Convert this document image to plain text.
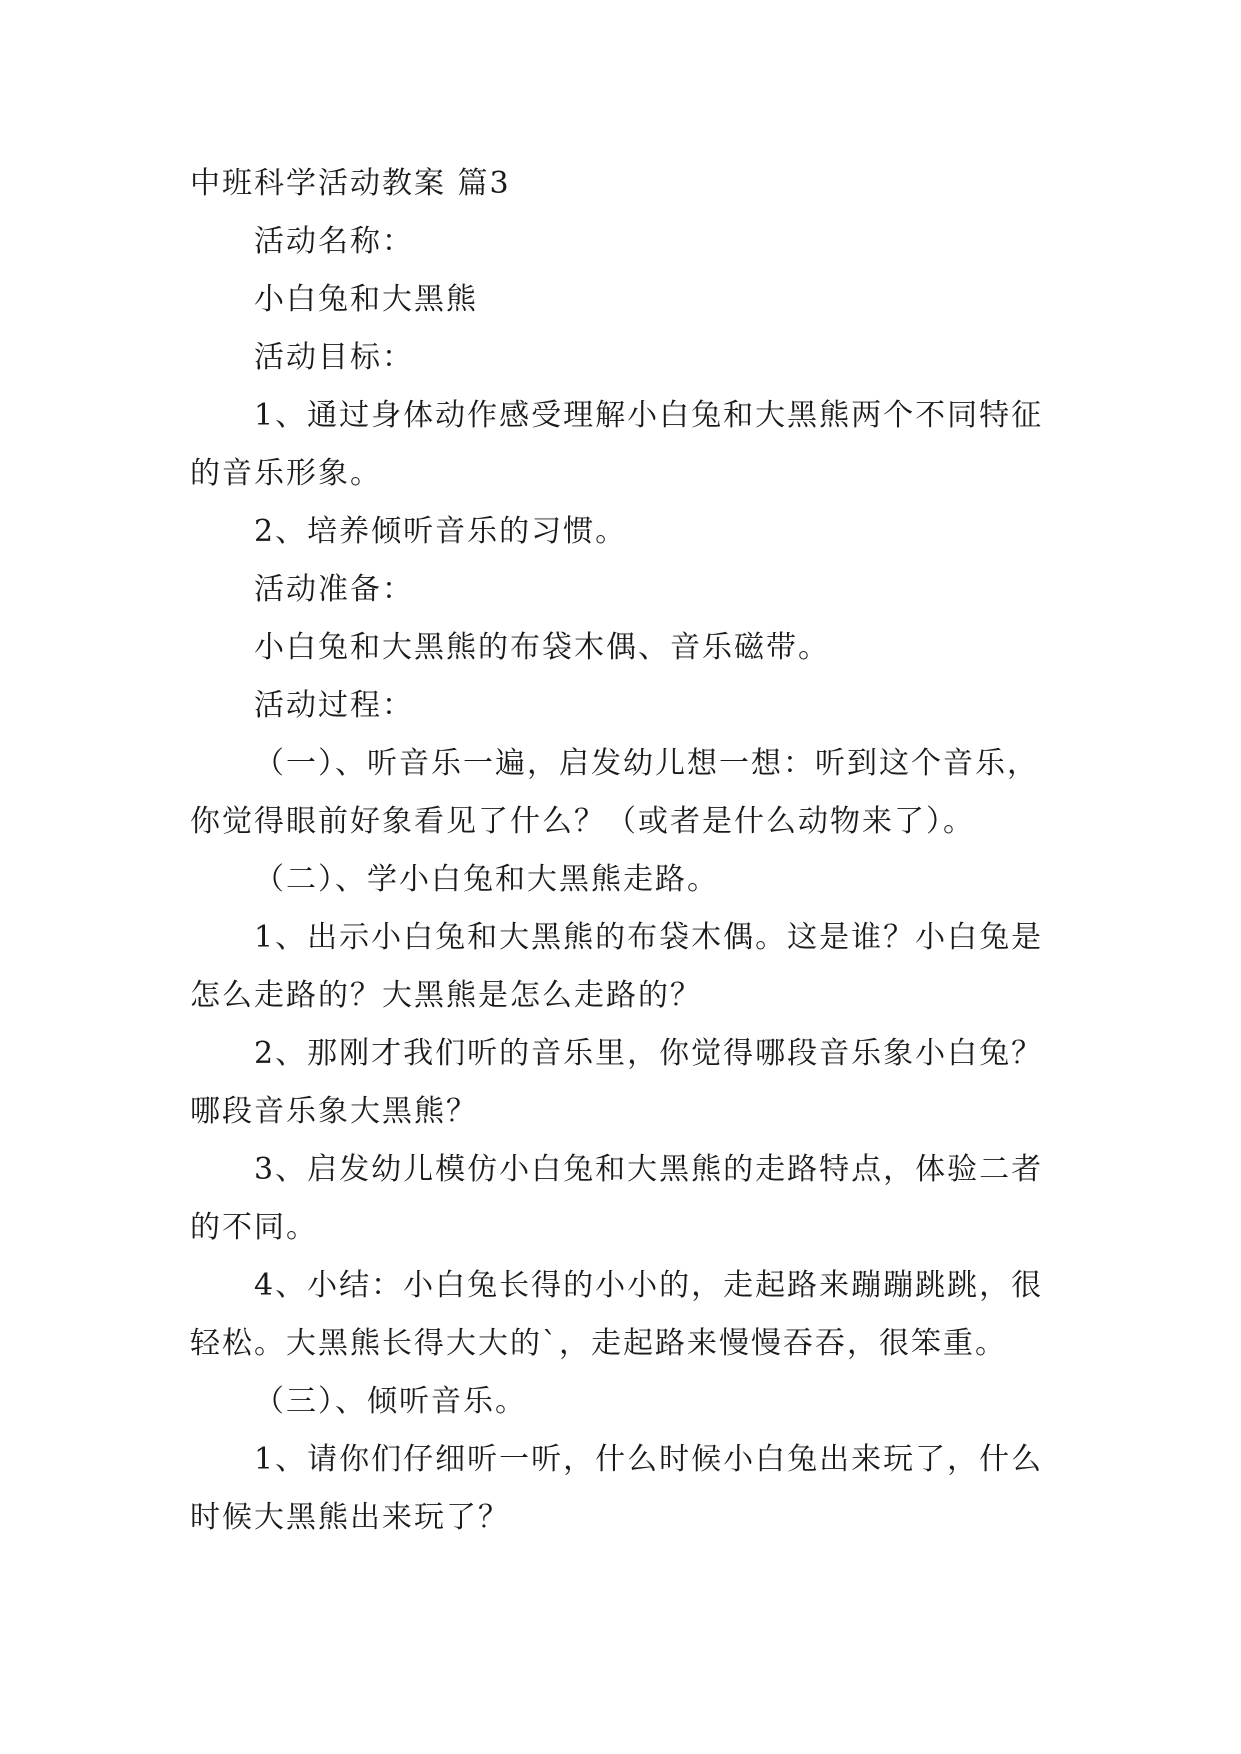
中班科学活动教案 篇3

活动名称：

小白兔和大黑熊

活动目标：

1、通过身体动作感受理解小白兔和大黑熊两个不同特征的音乐形象。

2、培养倾听音乐的习惯。

活动准备：

小白兔和大黑熊的布袋木偶、音乐磁带。

活动过程：

（一）、听音乐一遍，启发幼儿想一想：听到这个音乐，你觉得眼前好象看见了什么？（或者是什么动物来了）。

（二）、学小白兔和大黑熊走路。

1、出示小白兔和大黑熊的布袋木偶。这是谁？小白兔是怎么走路的？大黑熊是怎么走路的？

2、那刚才我们听的音乐里，你觉得哪段音乐象小白兔？哪段音乐象大黑熊？

3、启发幼儿模仿小白兔和大黑熊的走路特点，体验二者的不同。

4、小结：小白兔长得的小小的，走起路来蹦蹦跳跳，很轻松。大黑熊长得大大的`，走起路来慢慢吞吞，很笨重。

（三）、倾听音乐。

1、请你们仔细听一听，什么时候小白兔出来玩了，什么时候大黑熊出来玩了？
